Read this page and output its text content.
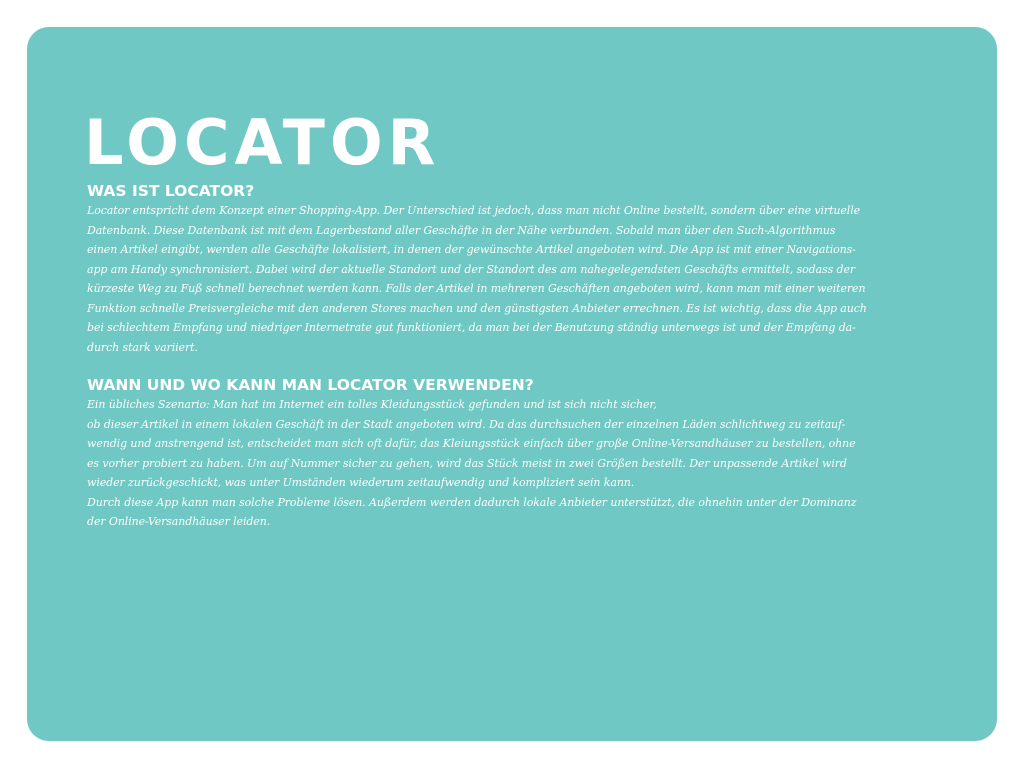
LOCATOR
WAS IST LOCATOR?

Locator entspricht dem Konzept einer Shopping-App. Der Unterschied ist jedoch, dass man nicht Online bestellt, sondern über eine virtuelle
Datenbank. Diese Datenbank ist mit dem Lagerbestand aller Geschäfte in der Nähe verbunden. Sobald man über den Such-Algorithmus
einen Artikel eingibt, werden alle Geschäfte lokalisiert, in denen der gewünschte Artikel angeboten wird. Die App ist mit einer Navigations-
app am Handy synchronisiert. Dabei wird der aktuelle Standort und der Standort des am nahegelegendsten Geschäfts ermittelt, sodass der
kürzeste Weg zu Fuß schnell berechnet werden kann. Falls der Artikel in mehreren Geschäften angeboten wird, kann man mit einer weiteren
Funktion schnelle Preisvergleiche mit den anderen Stores machen und den günstigsten Anbieter errechnen. Es ist wichtig, dass die App auch
bei schlechtem Empfang und niedriger Internetrate gut funktioniert, da man bei der Benutzung ständig unterwegs ist und der Empfang da-
durch stark variiert.

WANN UND WO KANN MAN LOCATOR VERWENDEN?

Ein übliches Szenario: Man hat im Internet ein tolles Kleidungsstück gefunden und ist sich nicht sicher,
ob dieser Artikel in einem lokalen Geschäft in der Stadt angeboten wird. Da das durchsuchen der einzelnen Läden schlichtweg zu zeitauf-
wendig und anstrengend ist, entscheidet man sich oft dafür, das Kleiungsstück einfach über große Online-Versandhäuser zu bestellen, ohne
es vorher probiert zu haben. Um auf Nummer sicher zu gehen, wird das Stück meist in zwei Größen bestellt. Der unpassende Artikel wird
wieder zurückgeschickt, was unter Umständen wiederum zeitaufwendig und kompliziert sein kann.
Durch diese App kann man solche Probleme lösen. Außerdem werden dadurch lokale Anbieter unterstützt, die ohnehin unter der Dominanz
der Online-Versandhäuser leiden.
